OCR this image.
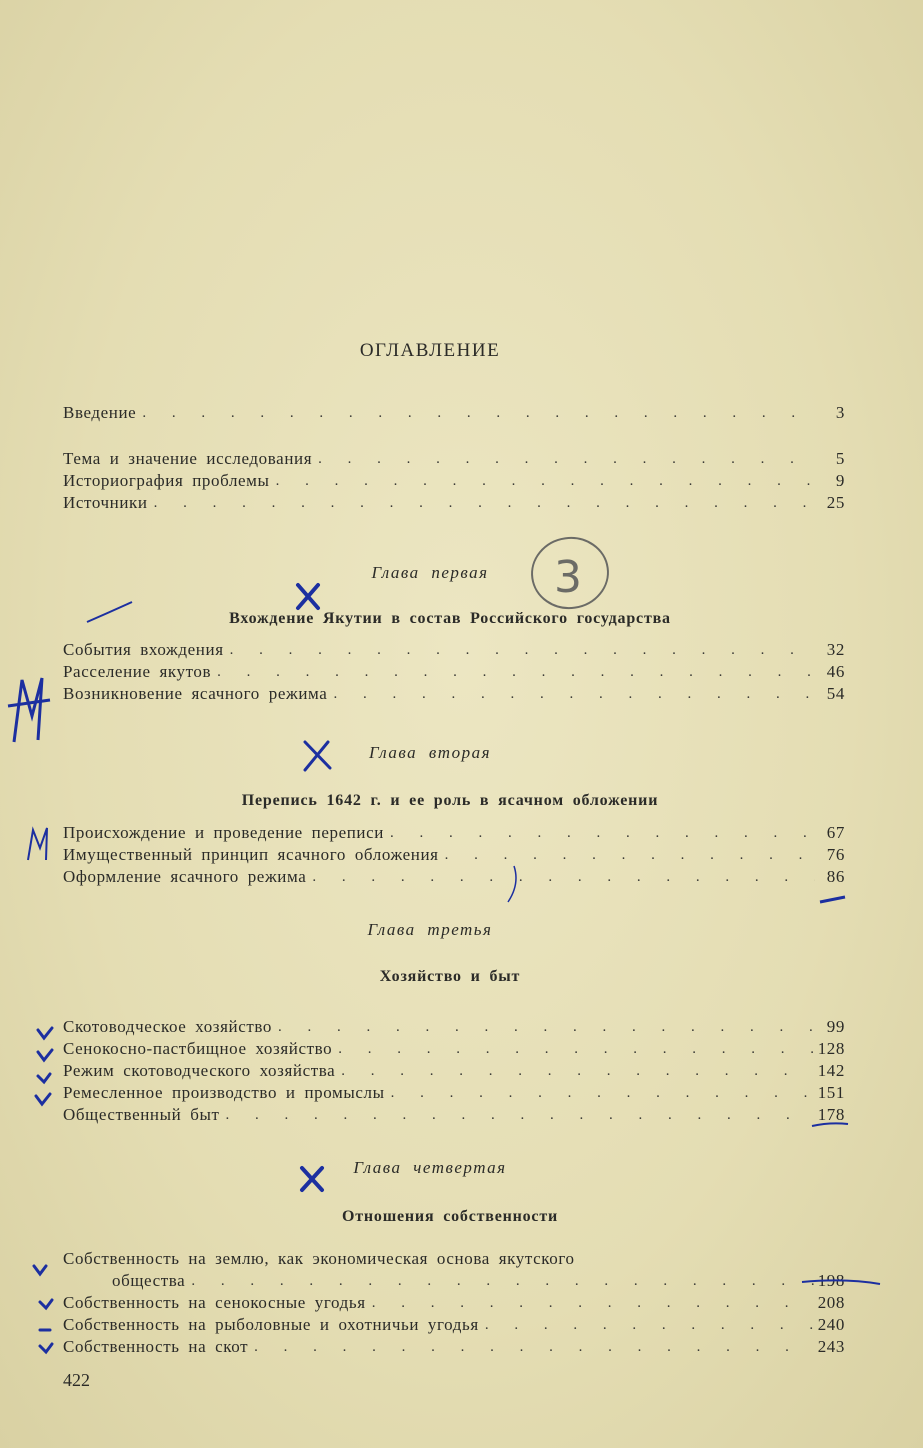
ОГЛАВЛЕНИЕ
Введение . . .	3
Тема и значение исследования . . .	5
Историография проблемы . . .	9
Источники . . .	25
Глава первая
Вхождение Якутии в состав Российского государства
События вхождения . . .	32
Расселение якутов . . .	46
Возникновение ясачного режима . . .	54
Глава вторая
Перепись 1642 г. и ее роль в ясачном обложении
Происхождение и проведение переписи . . .	67
Имущественный принцип ясачного обложения . . .	76
Оформление ясачного режима . . .	86
Глава третья
Хозяйство и быт
Скотоводческое хозяйство . . .	99
Сенокосно-пастбищное хозяйство . . .	128
Режим скотоводческого хозяйства . . .	142
Ремесленное производство и промыслы . . .	151
Общественный быт . . .	178
Глава четвертая
Отношения собственности
Собственность на землю, как экономическая основа якутского
общества . . .	198
Собственность на сенокосные угодья . . .	208
Собственность на рыболовные и охотничьи угодья . . .	240
Собственность на скот . . .	243
422
3
